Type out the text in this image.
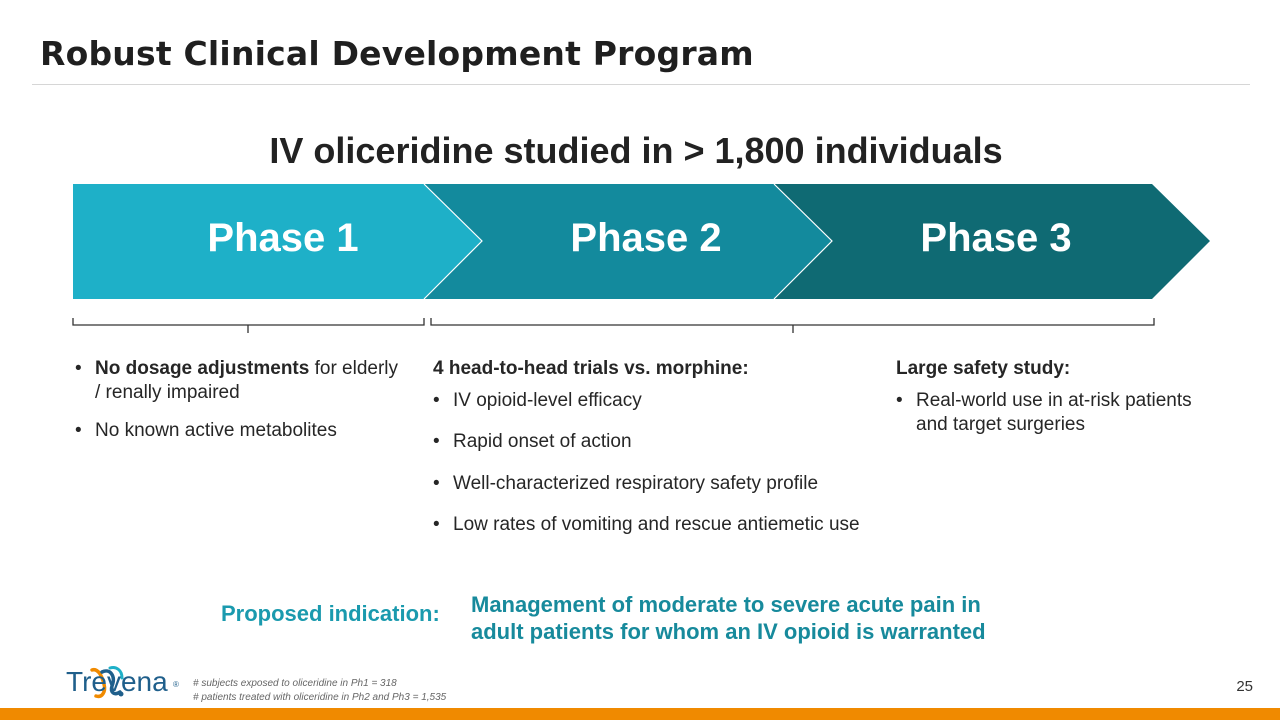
Robust Clinical Development Program
IV oliceridine studied in > 1,800 individuals
Phase 1	Phase 2	Phase 3
• No dosage adjustments for elderly / renally impaired
• No known active metabolites
4 head-to-head trials vs. morphine:
• IV opioid-level efficacy
• Rapid onset of action
• Well-characterized respiratory safety profile
• Low rates of vomiting and rescue antiemetic use
Large safety study:
• Real-world use in at-risk patients and target surgeries
Proposed indication: Management of moderate to severe acute pain in
adult patients for whom an IV opioid is warranted
Trevena ® # subjects exposed to oliceridine in Ph1 = 318
# patients treated with oliceridine in Ph2 and Ph3 = 1,535
25
